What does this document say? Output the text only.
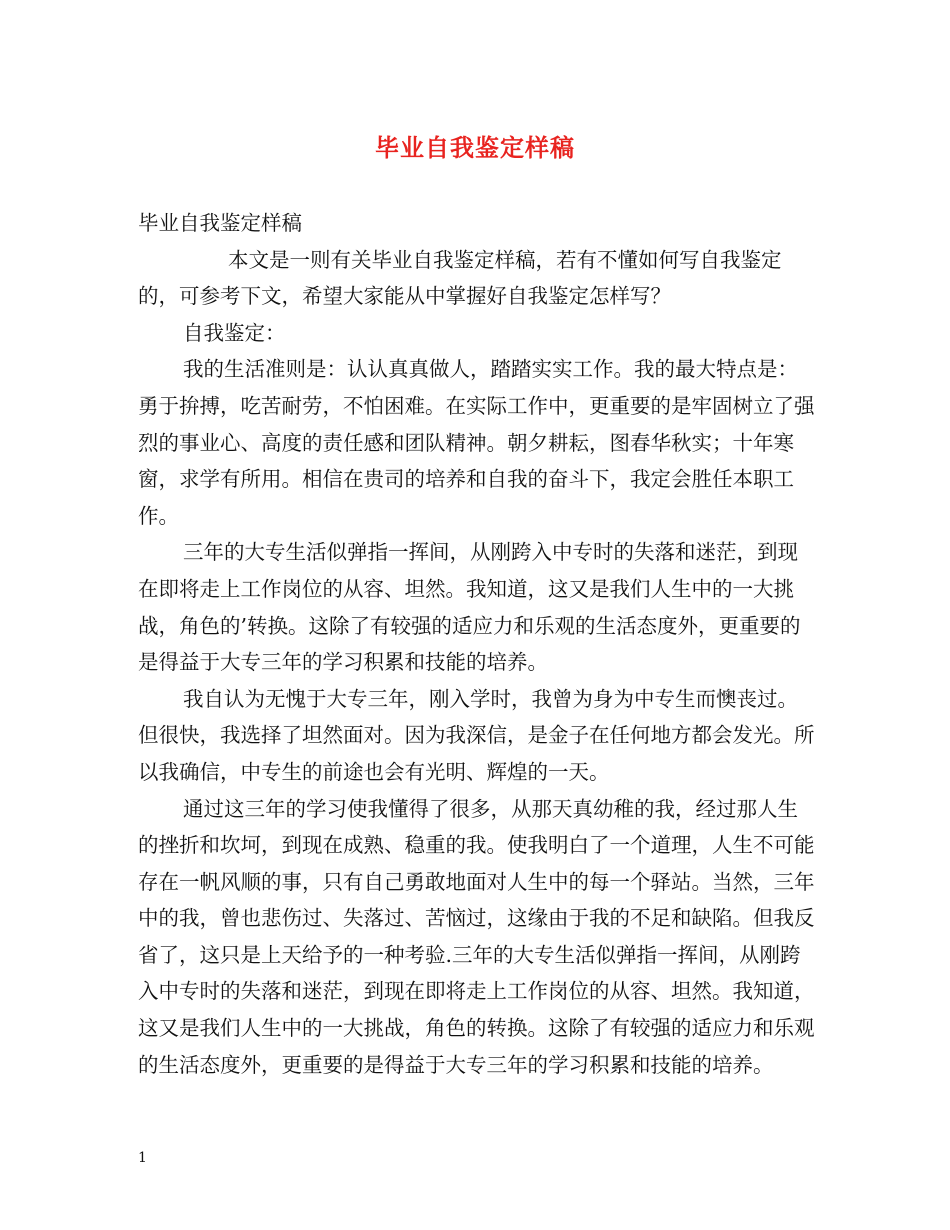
毕业自我鉴定样稿

毕业自我鉴定样稿

本文是一则有关毕业自我鉴定样稿，若有不懂如何写自我鉴定的，可参考下文，希望大家能从中掌握好自我鉴定怎样写？

自我鉴定：

我的生活准则是：认认真真做人，踏踏实实工作。我的最大特点是：勇于拚搏，吃苦耐劳，不怕困难。在实际工作中，更重要的是牢固树立了强烈的事业心、高度的责任感和团队精神。朝夕耕耘，图春华秋实；十年寒窗，求学有所用。相信在贵司的培养和自我的奋斗下，我定会胜任本职工作。

三年的大专生活似弹指一挥间，从刚跨入中专时的失落和迷茫，到现在即将走上工作岗位的从容、坦然。我知道，这又是我们人生中的一大挑战，角色的’转换。这除了有较强的适应力和乐观的生活态度外，更重要的是得益于大专三年的学习积累和技能的培养。

我自认为无愧于大专三年，刚入学时，我曾为身为中专生而懊丧过。但很快，我选择了坦然面对。因为我深信，是金子在任何地方都会发光。所以我确信，中专生的前途也会有光明、辉煌的一天。

通过这三年的学习使我懂得了很多，从那天真幼稚的我，经过那人生的挫折和坎坷，到现在成熟、稳重的我。使我明白了一个道理，人生不可能存在一帆风顺的事，只有自己勇敢地面对人生中的每一个驿站。当然，三年中的我，曾也悲伤过、失落过、苦恼过，这缘由于我的不足和缺陷。但我反省了，这只是上天给予的一种考验.三年的大专生活似弹指一挥间，从刚跨入中专时的失落和迷茫，到现在即将走上工作岗位的从容、坦然。我知道，这又是我们人生中的一大挑战，角色的转换。这除了有较强的适应力和乐观的生活态度外，更重要的是得益于大专三年的学习积累和技能的培养。

1
